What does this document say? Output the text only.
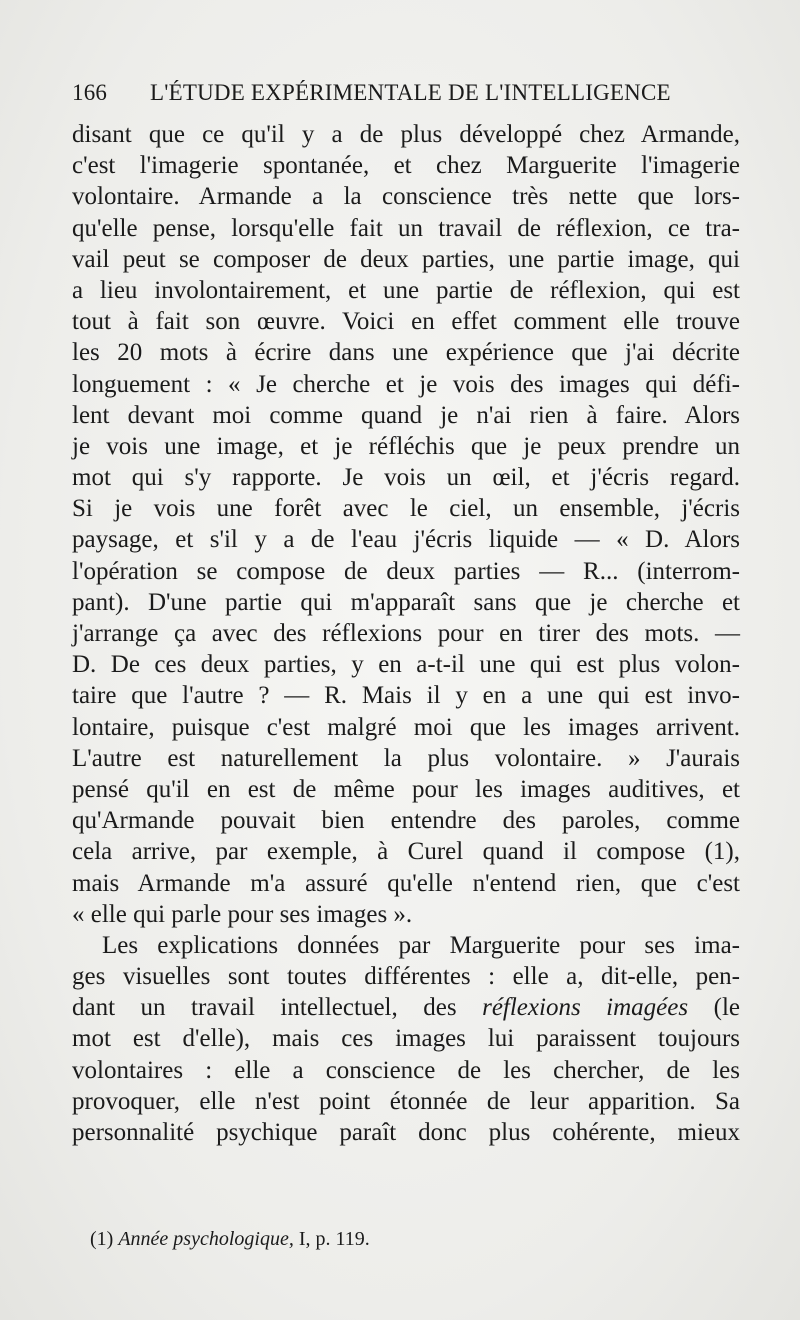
166 L'ÉTUDE EXPÉRIMENTALE DE L'INTELLIGENCE
disant que ce qu'il y a de plus développé chez Armande,
c'est l'imagerie spontanée, et chez Marguerite l'imagerie
volontaire. Armande a la conscience très nette que lors-
qu'elle pense, lorsqu'elle fait un travail de réflexion, ce tra-
vail peut se composer de deux parties, une partie image, qui
a lieu involontairement, et une partie de réflexion, qui est
tout à fait son œuvre. Voici en effet comment elle trouve
les 20 mots à écrire dans une expérience que j'ai décrite
longuement : « Je cherche et je vois des images qui défi-
lent devant moi comme quand je n'ai rien à faire. Alors
je vois une image, et je réfléchis que je peux prendre un
mot qui s'y rapporte. Je vois un œil, et j'écris regard.
Si je vois une forêt avec le ciel, un ensemble, j'écris
paysage, et s'il y a de l'eau j'écris liquide — « D. Alors
l'opération se compose de deux parties — R... (interrom-
pant). D'une partie qui m'apparaît sans que je cherche et
j'arrange ça avec des réflexions pour en tirer des mots. —
D. De ces deux parties, y en a-t-il une qui est plus volon-
taire que l'autre ? — R. Mais il y en a une qui est invo-
lontaire, puisque c'est malgré moi que les images arrivent.
L'autre est naturellement la plus volontaire. » J'aurais
pensé qu'il en est de même pour les images auditives, et
qu'Armande pouvait bien entendre des paroles, comme
cela arrive, par exemple, à Curel quand il compose (1),
mais Armande m'a assuré qu'elle n'entend rien, que c'est
« elle qui parle pour ses images ».
Les explications données par Marguerite pour ses ima-
ges visuelles sont toutes différentes : elle a, dit-elle, pen-
dant un travail intellectuel, des réflexions imagées (le
mot est d'elle), mais ces images lui paraissent toujours
volontaires : elle a conscience de les chercher, de les
provoquer, elle n'est point étonnée de leur apparition. Sa
personnalité psychique paraît donc plus cohérente, mieux
(1) Année psychologique, I, p. 119.
